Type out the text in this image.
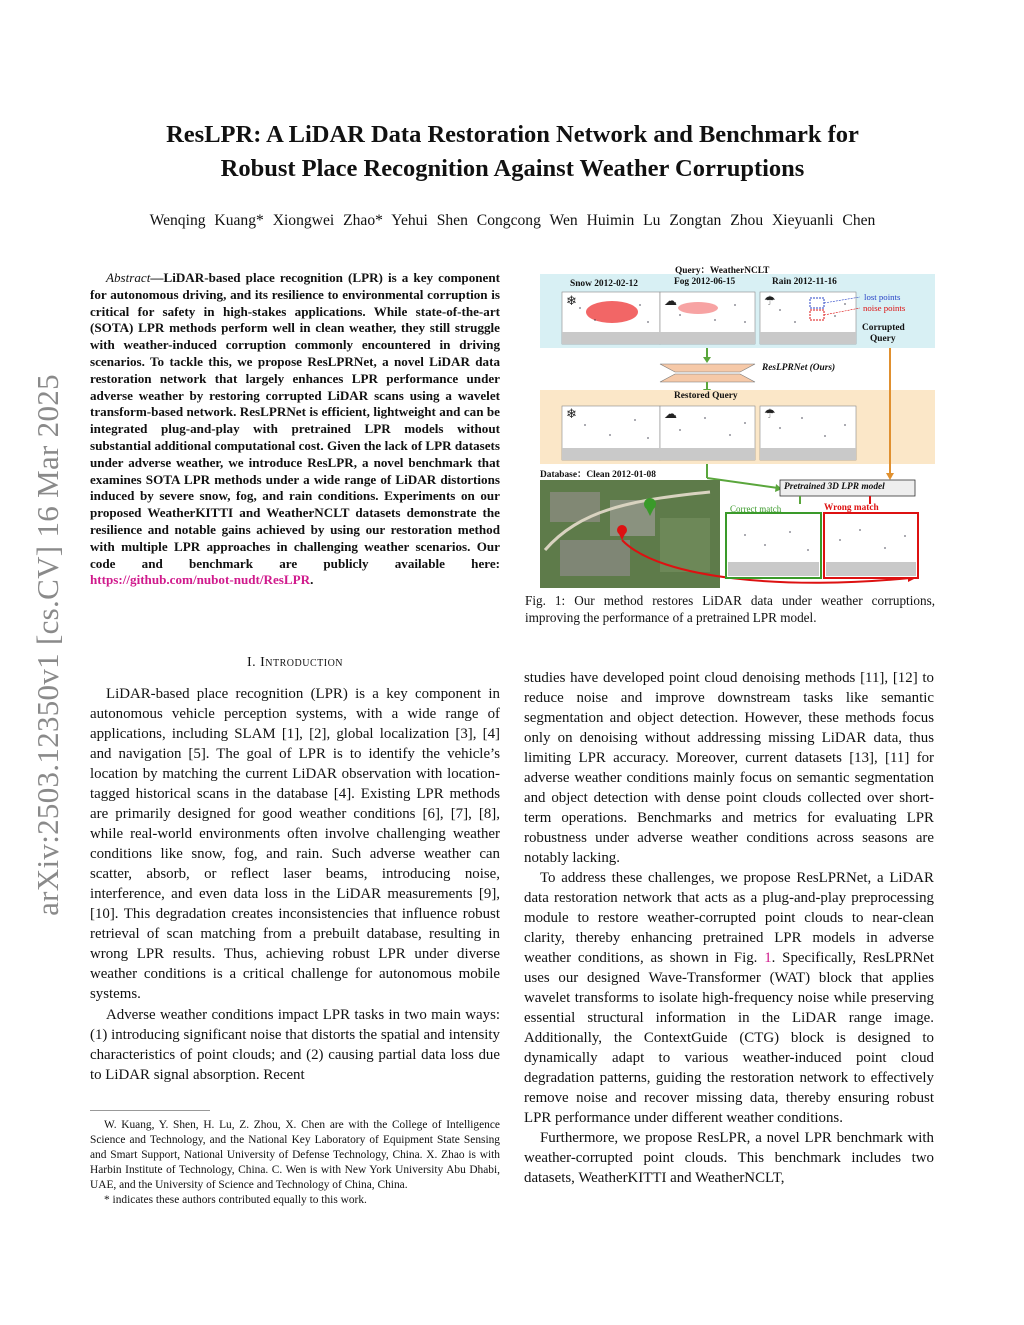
arXiv:2503.12350v1 [cs.CV] 16 Mar 2025
ResLPR: A LiDAR Data Restoration Network and Benchmark for
Robust Place Recognition Against Weather Corruptions
Wenqing Kuang* Xiongwei Zhao* Yehui Shen Congcong Wen Huimin Lu Zongtan Zhou Xieyuanli Chen
Abstract—LiDAR-based place recognition (LPR) is a key component for autonomous driving, and its resilience to environmental corruption is critical for safety in high-stakes applications. While state-of-the-art (SOTA) LPR methods perform well in clean weather, they still struggle with weather-induced corruption commonly encountered in driving scenarios. To tackle this, we propose ResLPRNet, a novel LiDAR data restoration network that largely enhances LPR performance under adverse weather by restoring corrupted LiDAR scans using a wavelet transform-based network. ResLPRNet is efficient, lightweight and can be integrated plug-and-play with pretrained LPR models without substantial additional computational cost. Given the lack of LPR datasets under adverse weather, we introduce ResLPR, a novel benchmark that examines SOTA LPR methods under a wide range of LiDAR distortions induced by severe snow, fog, and rain conditions. Experiments on our proposed WeatherKITTI and WeatherNCLT datasets demonstrate the resilience and notable gains achieved by using our restoration method with multiple LPR approaches in challenging weather scenarios. Our code and benchmark are publicly available here: https://github.com/nubot-nudt/ResLPR.
I. Introduction

LiDAR-based place recognition (LPR) is a key component in autonomous vehicle perception systems, with a wide range of applications, including SLAM [1], [2], global localization [3], [4] and navigation [5]. The goal of LPR is to identify the vehicle’s location by matching the current LiDAR observation with location-tagged historical scans in the database [4]. Existing LPR methods are primarily designed for good weather conditions [6], [7], [8], while real-world environments often involve challenging weather conditions like snow, fog, and rain. Such adverse weather can scatter, absorb, or reflect laser beams, introducing noise, interference, and even data loss in the LiDAR measurements [9], [10]. This degradation creates inconsistencies that influence robust retrieval of scan matching from a prebuilt database, resulting in wrong LPR results. Thus, achieving robust LPR under diverse weather conditions is a critical challenge for autonomous mobile systems.

Adverse weather conditions impact LPR tasks in two main ways: (1) introducing significant noise that distorts the spatial and intensity characteristics of point clouds; and (2) causing partial data loss due to LiDAR signal absorption. Recent

W. Kuang, Y. Shen, H. Lu, Z. Zhou, X. Chen are with the College of Intelligence Science and Technology, and the National Key Laboratory of Equipment State Sensing and Smart Support, National University of Defense Technology, China. X. Zhao is with Harbin Institute of Technology, China. C. Wen is with New York University Abu Dhabi, UAE, and the University of Science and Technology of China, China.

* indicates these authors contributed equally to this work.

Query：WeatherNCLT
Snow 2012-02-12	Fog 2012-06-15	Rain 2012-11-16
lost points
noise points
Corrupted
Query
ResLPRNet (Ours)
Restored Query
Database：Clean 2012-01-08
Pretrained 3D LPR model
Correct match	Wrong match
❄	☁	☂
❄	☁	☂
Fig. 1: Our method restores LiDAR data under weather corruptions, improving the performance of a pretrained LPR model.

studies have developed point cloud denoising methods [11], [12] to reduce noise and improve downstream tasks like semantic segmentation and object detection. However, these methods focus only on denoising without addressing missing LiDAR data, thus limiting LPR accuracy. Moreover, current datasets [13], [11] for adverse weather conditions mainly focus on semantic segmentation and object detection with dense point clouds collected over short-term operations. Benchmarks and metrics for evaluating LPR robustness under adverse weather conditions across seasons are notably lacking.

To address these challenges, we propose ResLPRNet, a LiDAR data restoration network that acts as a plug-and-play preprocessing module to restore weather-corrupted point clouds to near-clean clarity, thereby enhancing pretrained LPR models in adverse weather conditions, as shown in Fig. 1. Specifically, ResLPRNet uses our designed Wave-Transformer (WAT) block that applies wavelet transforms to isolate high-frequency noise while preserving essential structural information in the LiDAR range image. Additionally, the ContextGuide (CTG) block is designed to dynamically adapt to various weather-induced point cloud degradation patterns, guiding the restoration network to effectively remove noise and recover missing data, thereby ensuring robust LPR performance under different weather conditions.

Furthermore, we propose ResLPR, a novel LPR benchmark with weather-corrupted point clouds. This benchmark includes two datasets, WeatherKITTI and WeatherNCLT,
